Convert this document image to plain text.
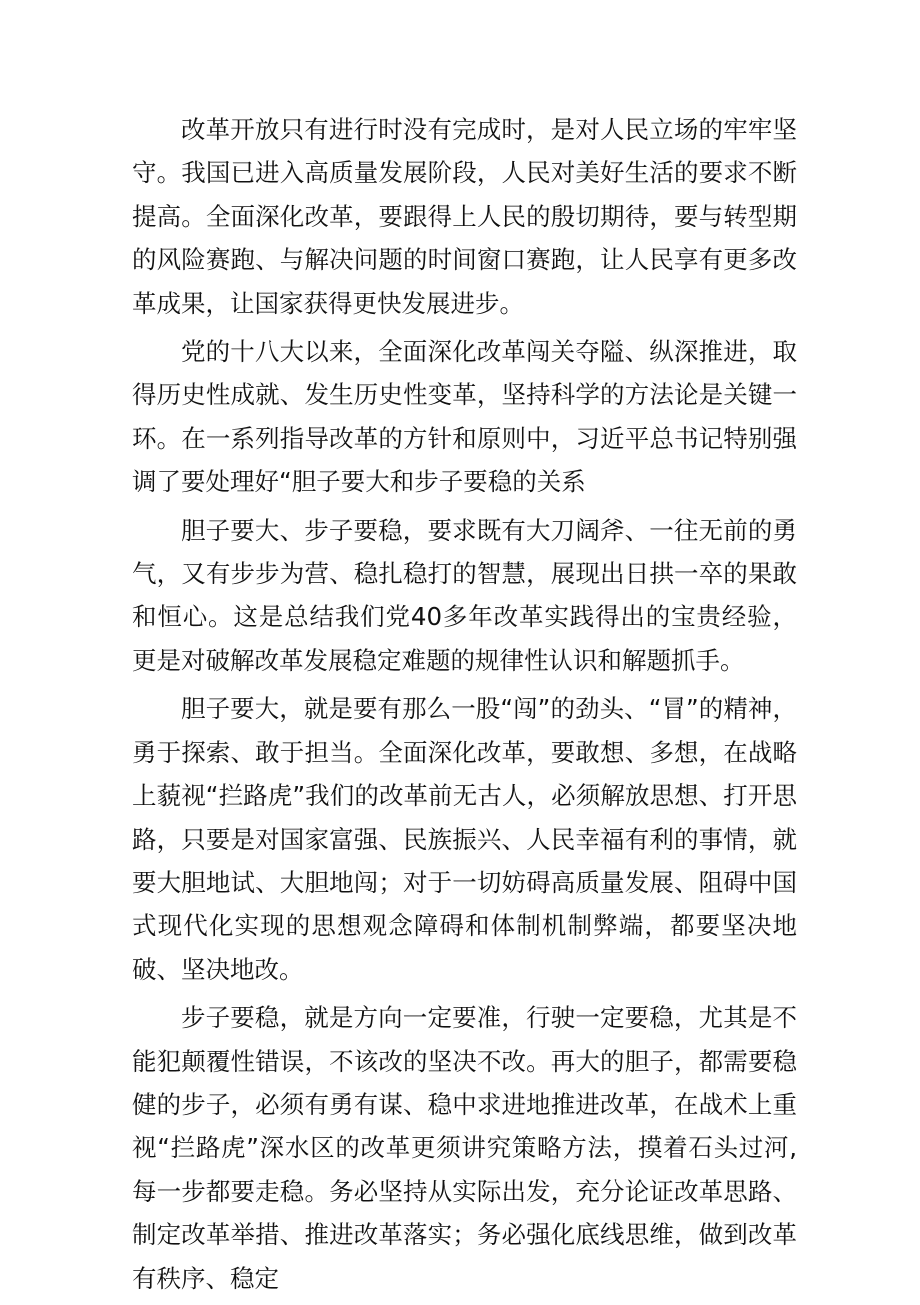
改革开放只有进行时没有完成时，是对人民立场的牢牢坚守。我国已进入高质量发展阶段，人民对美好生活的要求不断提高。全面深化改革，要跟得上人民的殷切期待，要与转型期的风险赛跑、与解决问题的时间窗口赛跑，让人民享有更多改革成果，让国家获得更快发展进步。

党的十八大以来，全面深化改革闯关夺隘、纵深推进，取得历史性成就、发生历史性变革，坚持科学的方法论是关键一环。在一系列指导改革的方针和原则中，习近平总书记特别强调了要处理好“胆子要大和步子要稳的关系

胆子要大、步子要稳，要求既有大刀阔斧、一往无前的勇气，又有步步为营、稳扎稳打的智慧，展现出日拱一卒的果敢和恒心。这是总结我们党40多年改革实践得出的宝贵经验，更是对破解改革发展稳定难题的规律性认识和解题抓手。

胆子要大，就是要有那么一股“闯”的劲头、“冒”的精神，勇于探索、敢于担当。全面深化改革，要敢想、多想，在战略上藐视“拦路虎”我们的改革前无古人，必须解放思想、打开思路，只要是对国家富强、民族振兴、人民幸福有利的事情，就要大胆地试、大胆地闯；对于一切妨碍高质量发展、阻碍中国式现代化实现的思想观念障碍和体制机制弊端，都要坚决地破、坚决地改。

步子要稳，就是方向一定要准，行驶一定要稳，尤其是不能犯颠覆性错误，不该改的坚决不改。再大的胆子，都需要稳健的步子，必须有勇有谋、稳中求进地推进改革，在战术上重视“拦路虎”深水区的改革更须讲究策略方法，摸着石头过河,每一步都要走稳。务必坚持从实际出发，充分论证改革思路、制定改革举措、推进改革落实；务必强化底线思维，做到改革有秩序、稳定
